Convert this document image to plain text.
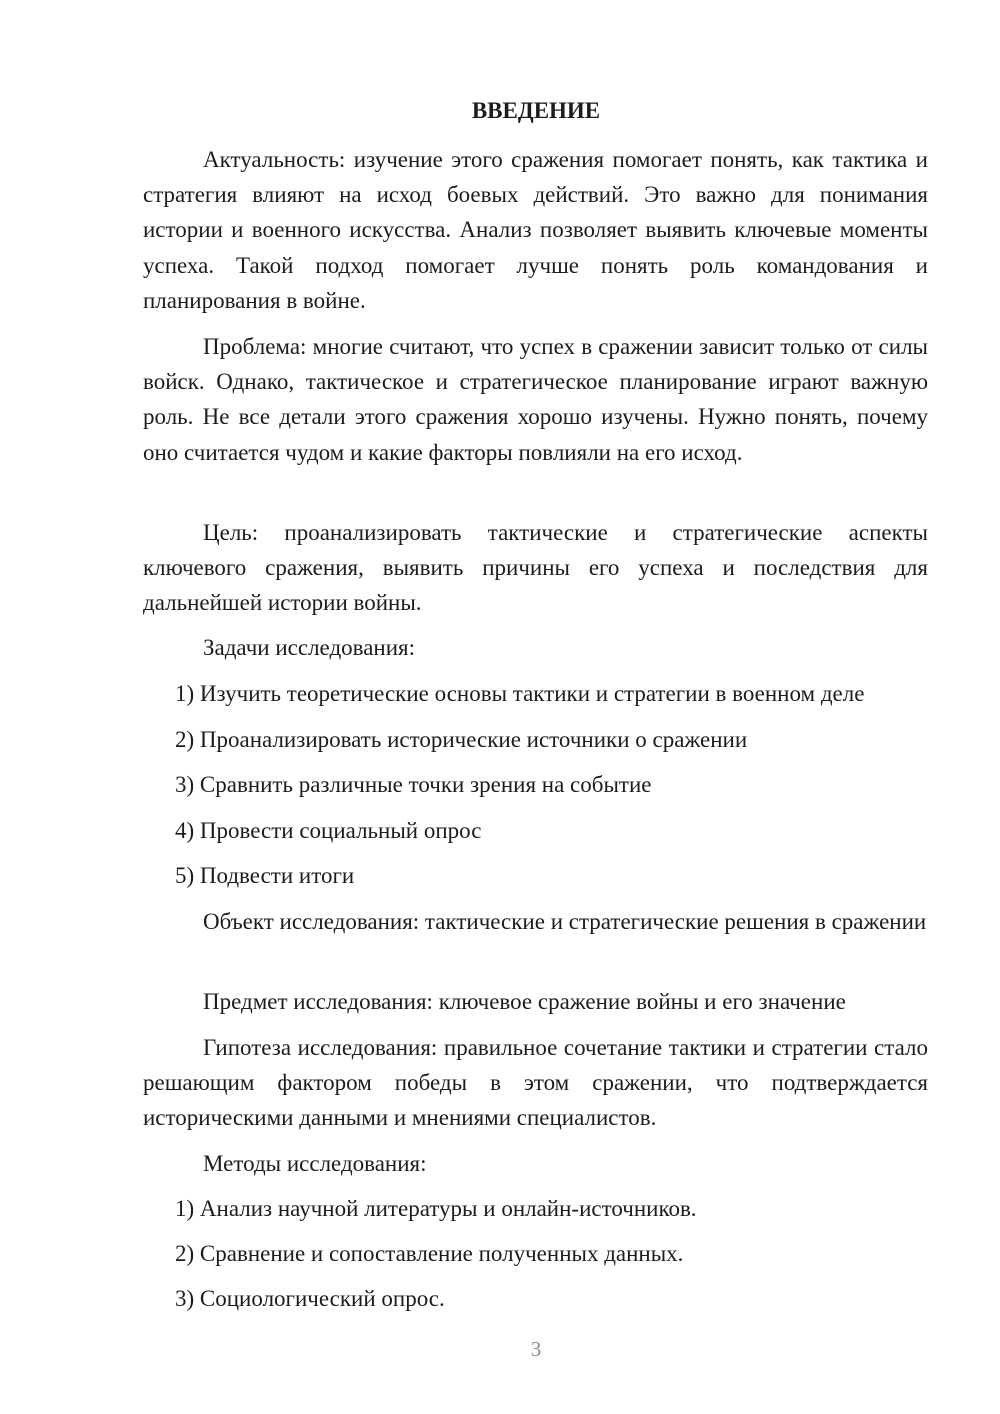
ВВЕДЕНИЕ

Актуальность: изучение этого сражения помогает понять, как тактика и стратегия влияют на исход боевых действий. Это важно для понимания истории и военного искусства. Анализ позволяет выявить ключевые моменты успеха. Такой подход помогает лучше понять роль командования и планирования в войне.

Проблема: многие считают, что успех в сражении зависит только от силы войск. Однако, тактическое и стратегическое планирование играют важную роль. Не все детали этого сражения хорошо изучены. Нужно понять, почему оно считается чудом и какие факторы повлияли на его исход.

Цель: проанализировать тактические и стратегические аспекты ключевого сражения, выявить причины его успеха и последствия для дальнейшей истории войны.

Задачи исследования:

1) Изучить теоретические основы тактики и стратегии в военном деле

2) Проанализировать исторические источники о сражении

3) Сравнить различные точки зрения на событие

4) Провести социальный опрос

5) Подвести итоги

Объект исследования: тактические и стратегические решения в сражении

Предмет исследования: ключевое сражение войны и его значение

Гипотеза исследования: правильное сочетание тактики и стратегии стало решающим фактором победы в этом сражении, что подтверждается историческими данными и мнениями специалистов.

Методы исследования:

1) Анализ научной литературы и онлайн-источников.

2) Сравнение и сопоставление полученных данных.

3) Социологический опрос.

3
